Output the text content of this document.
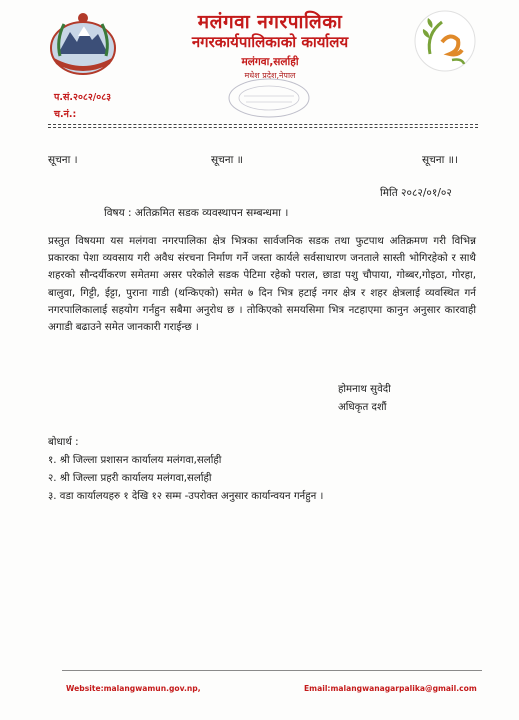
मलंगवा नगरपालिका
नगरकार्यपालिकाको कार्यालय
मलंगवा,सर्लाही
मधेश प्रदेश,नेपाल
प.सं.२०८२/०८३
च.नं.:
सूचना ।	सूचना ॥	सूचना ॥।
मिति २०८२/०१/०२
विषय : अतिक्रमित सडक व्यवस्थापन सम्बन्धमा ।

प्रस्तुत विषयमा यस मलंगवा नगरपालिका क्षेत्र भित्रका सार्वजनिक सडक तथा फुटपाथ अतिक्रमण गरी विभिन्न प्रकारका पेशा व्यवसाय गरी अवैध संरचना निर्माण गर्ने जस्ता कार्यले सर्वसाधारण जनताले सास्ती भोगिरहेको र साथै शहरको सौन्दर्यीकरण समेतमा असर परेकोले सडक पेटिमा रहेको पराल, छाडा पशु चौपाया, गोब्बर,गोइठा, गोरहा, बालुवा, गिट्टी, ईट्टा, पुराना गाडी (थन्किएको) समेत ७ दिन भित्र हटाई नगर क्षेत्र र शहर क्षेत्रलाई व्यवस्थित गर्न नगरपालिकालाई सहयोग गर्नहुन सबैमा अनुरोध छ । तोकिएको समयसिमा भित्र नटहाएमा कानुन अनुसार कारवाही अगाडी बढाउने समेत जानकारी गराईन्छ ।

होमनाथ सुवेदी
अधिकृत दशौं
बोधार्थ :
१. श्री जिल्ला प्रशासन कार्यालय मलंगवा,सर्लाही
२. श्री जिल्ला प्रहरी कार्यालय मलंगवा,सर्लाही
३. वडा कार्यालयहरु १ देखि १२ सम्म -उपरोक्त अनुसार कार्यान्वयन गर्नहुन ।
Website:malangwamun.gov.np,	Email:malangwanagarpalika@gmail.com
